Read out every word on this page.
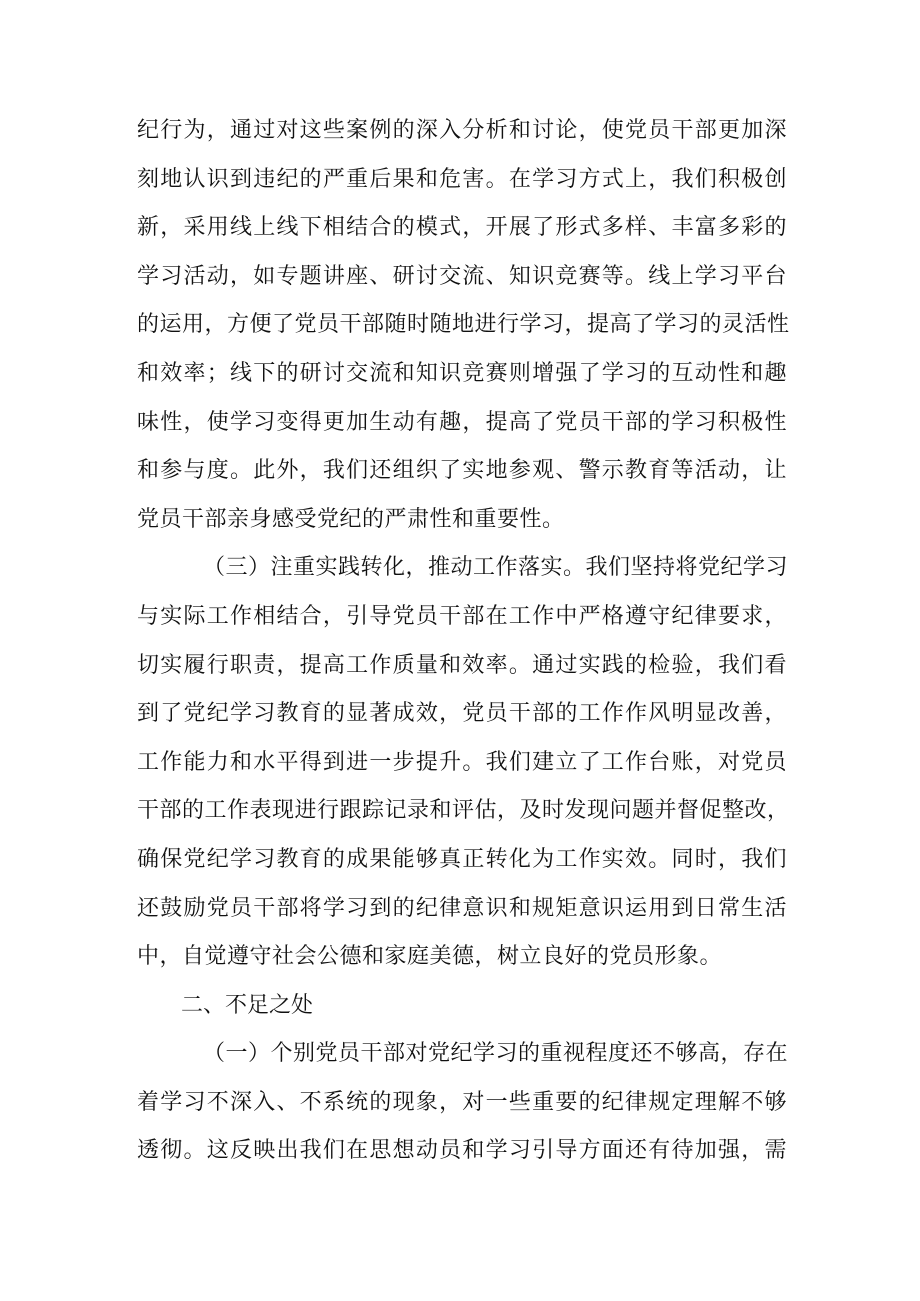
纪行为，通过对这些案例的深入分析和讨论，使党员干部更加深
刻地认识到违纪的严重后果和危害。在学习方式上，我们积极创
新，采用线上线下相结合的模式，开展了形式多样、丰富多彩的
学习活动，如专题讲座、研讨交流、知识竞赛等。线上学习平台
的运用，方便了党员干部随时随地进行学习，提高了学习的灵活性
和效率；线下的研讨交流和知识竞赛则增强了学习的互动性和趣
味性，使学习变得更加生动有趣，提高了党员干部的学习积极性
和参与度。此外，我们还组织了实地参观、警示教育等活动，让
党员干部亲身感受党纪的严肃性和重要性。
（三）注重实践转化，推动工作落实。我们坚持将党纪学习
与实际工作相结合，引导党员干部在工作中严格遵守纪律要求，
切实履行职责，提高工作质量和效率。通过实践的检验，我们看
到了党纪学习教育的显著成效，党员干部的工作作风明显改善，
工作能力和水平得到进一步提升。我们建立了工作台账，对党员
干部的工作表现进行跟踪记录和评估，及时发现问题并督促整改，
确保党纪学习教育的成果能够真正转化为工作实效。同时，我们
还鼓励党员干部将学习到的纪律意识和规矩意识运用到日常生活
中，自觉遵守社会公德和家庭美德，树立良好的党员形象。
二、不足之处
（一）个别党员干部对党纪学习的重视程度还不够高，存在
着学习不深入、不系统的现象，对一些重要的纪律规定理解不够
透彻。这反映出我们在思想动员和学习引导方面还有待加强，需
